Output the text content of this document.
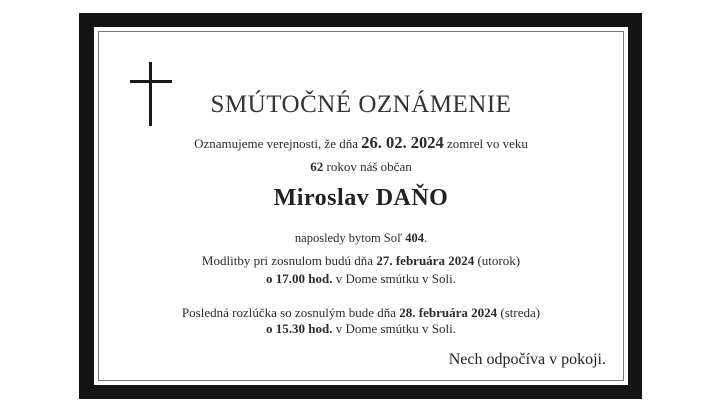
SMÚTOČNÉ OZNÁMENIE
Oznamujeme verejnosti, že dňa 26. 02. 2024 zomrel vo veku
62 rokov náš občan
Miroslav DAŇO
naposledy bytom Soľ 404.
Modlitby pri zosnulom budú dňa 27. februára 2024 (utorok)
o 17.00 hod. v Dome smútku v Soli.
Posledná rozlúčka so zosnulým bude dňa 28. februára 2024 (streda)
o 15.30 hod. v Dome smútku v Soli.
Nech odpočíva v pokoji.
